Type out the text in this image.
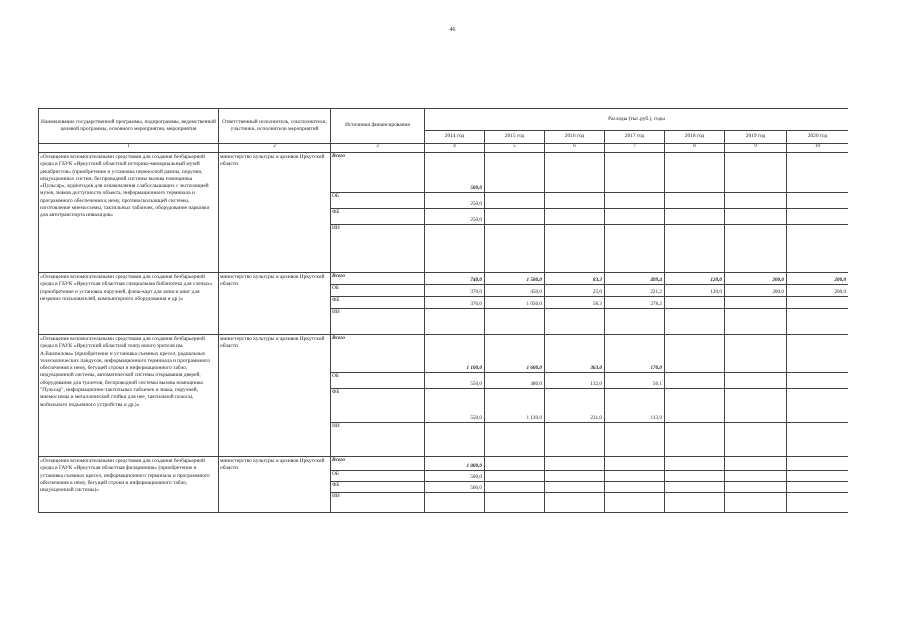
46
Наименование государственной программы, подпрограммы, ведомственной целевой программы, основного мероприятия, мероприятия	Ответственный исполнитель, соисполнители, участники, исполнители мероприятий	Источники финансирования	Расходы (тыс.руб.), годы						
			2014 год	2015 год	2016 год	2017 год	2018 год	2019 год	2020 год
1	2	3	4	5	6	7	8	9	10
«Оснащение вспомогательными средствами для создания безбарьерной среды в ГБУК «Иркутский областной историко-мемориальный музей декабристов» (приобретение и установка переносной рампы, поручня, индукционных систем, беспроводной системы вызова помощника «Пульсар», аудиогидов для ознакомления слабослышащих с экспозицией музея, знаков доступности объекта, информационного терминала и программного обеспечения к нему, противоскользящей системы, изготовление мнемосхемы, тактильных табличек, оборудование парковки для автотранспорта инвалидов»	министерство культуры и архивов Иркутской области	Всего	500,0						
		ОБ	250,0						
		ФБ	250,0						
		ИИ							
«Оснащение вспомогательными средствами для создания безбарьерной среды в ГБУК «Иркутская областная специальная библиотека для слепых» (приобретение и установка поручней, флеш-карт для записи книг для незрячих пользователей, компьютерного оборудования и др.)»	министерство культуры и архивов Иркутской области	Всего	740,0	1 500,0	83,3	499,4	120,0	200,0	200,0
		ОБ	370,0	450,0	25,0	221,2	120,0	200,0	200,0
		ФБ	370,0	1 050,0	58,3	278,2			
		ИИ							
«Оснащение вспомогательными средствами для создания безбарьерной среды в ГАУК «Иркутский областной театр юного зрителя им. А.Вампилова» (приобретение и установка съемных кресел, радиальных телескопических пандусов, информационного терминала и программного обеспечения к нему, бегущей строки и информационного табло, индукционной системы, автоматической системы открывания дверей, оборудования для туалетов, беспроводной системы вызова помощника "Пульсар", информационно-тактильных табличек и знака, поручней, мнемосхемы и металлической стойки для нее, тактильной полосы, мобильного подъемного устройства и др.)»	министерство культуры и архивов Иркутской области	Всего	1 100,0	1 600,0	363,0	170,0			
		ОБ	550,0	480,0	132,0	56,1			
		ФБ	550,0	1 120,0	231,0	113,9			
		ИИ							
«Оснащение вспомогательными средствами для создания безбарьерной среды в ГАУК «Иркутская областная филармония» (приобретение и установка съемных кресел, информационного терминала и программного обеспечения к нему, бегущей строки и информационного табло, индукционной системы)»	министерство культуры и архивов Иркутской области	Всего	1 000,0						
		ОБ	500,0						
		ФБ	500,0						
		ИИ							
